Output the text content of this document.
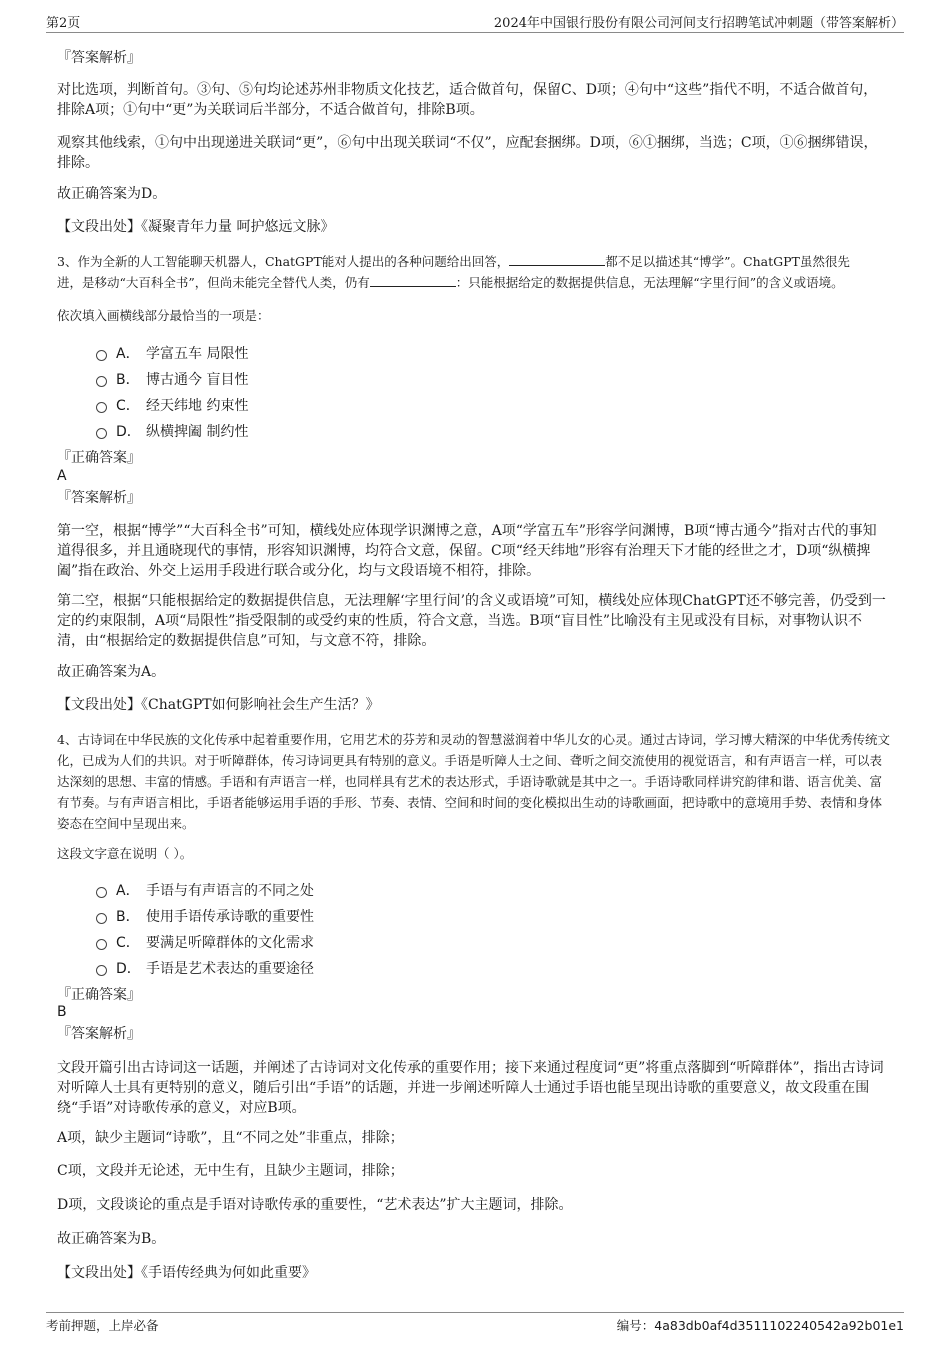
第2页	2024年中国银行股份有限公司河间支行招聘笔试冲刺题（带答案解析）
『答案解析』

对比选项，判断首句。③句、⑤句均论述苏州非物质文化技艺，适合做首句，保留C、D项；④句中“这些”指代不明，不适合做首句，排除A项；①句中“更”为关联词后半部分，不适合做首句，排除B项。

观察其他线索，①句中出现递进关联词“更”，⑥句中出现关联词“不仅”，应配套捆绑。D项，⑥①捆绑，当选；C项，①⑥捆绑错误，排除。

故正确答案为D。

【文段出处】《凝聚青年力量 呵护悠远文脉》

3、作为全新的人工智能聊天机器人，ChatGPT能对人提出的各种问题给出回答，	都不足以描述其“博学”。ChatGPT虽然很先
进，是移动“大百科全书”，但尚未能完全替代人类，仍有	：只能根据给定的数据提供信息，无法理解“字里行间”的含义或语境。

依次填入画横线部分最恰当的一项是：

A． 学富五车 局限性
B． 博古通今 盲目性
C． 经天纬地 约束性
D． 纵横捭阖 制约性
『正确答案』
A
『答案解析』

第一空，根据“博学”“大百科全书”可知，横线处应体现学识渊博之意，A项“学富五车”形容学问渊博，B项“博古通今”指对古代的事知道得很多，并且通晓现代的事情，形容知识渊博，均符合文意，保留。C项“经天纬地”形容有治理天下才能的经世之才，D项“纵横捭阖”指在政治、外交上运用手段进行联合或分化，均与文段语境不相符，排除。

第二空，根据“只能根据给定的数据提供信息，无法理解‘字里行间’的含义或语境”可知，横线处应体现ChatGPT还不够完善，仍受到一定的约束限制，A项“局限性”指受限制的或受约束的性质，符合文意，当选。B项“盲目性”比喻没有主见或没有目标，对事物认识不清，由“根据给定的数据提供信息”可知，与文意不符，排除。

故正确答案为A。

【文段出处】《ChatGPT如何影响社会生产生活？》

4、古诗词在中华民族的文化传承中起着重要作用，它用艺术的芬芳和灵动的智慧滋润着中华儿女的心灵。通过古诗词，学习博大精深的中华优秀传统文化，已成为人们的共识。对于听障群体，传习诗词更具有特别的意义。手语是听障人士之间、聋听之间交流使用的视觉语言，和有声语言一样，可以表达深刻的思想、丰富的情感。手语和有声语言一样，也同样具有艺术的表达形式，手语诗歌就是其中之一。手语诗歌同样讲究韵律和谐、语言优美、富有节奏。与有声语言相比，手语者能够运用手语的手形、节奏、表情、空间和时间的变化模拟出生动的诗歌画面，把诗歌中的意境用手势、表情和身体姿态在空间中呈现出来。

这段文字意在说明（ ）。

A． 手语与有声语言的不同之处
B． 使用手语传承诗歌的重要性
C． 要满足听障群体的文化需求
D． 手语是艺术表达的重要途径
『正确答案』
B
『答案解析』

文段开篇引出古诗词这一话题，并阐述了古诗词对文化传承的重要作用；接下来通过程度词“更”将重点落脚到“听障群体”，指出古诗词对听障人士具有更特别的意义，随后引出“手语”的话题，并进一步阐述听障人士通过手语也能呈现出诗歌的重要意义，故文段重在围绕“手语”对诗歌传承的意义，对应B项。

A项，缺少主题词“诗歌”，且“不同之处”非重点，排除；

C项，文段并无论述，无中生有，且缺少主题词，排除；

D项，文段谈论的重点是手语对诗歌传承的重要性，“艺术表达”扩大主题词，排除。

故正确答案为B。

【文段出处】《手语传经典为何如此重要》

考前押题，上岸必备	编号：4a83db0af4d3511102240542a92b01e1
